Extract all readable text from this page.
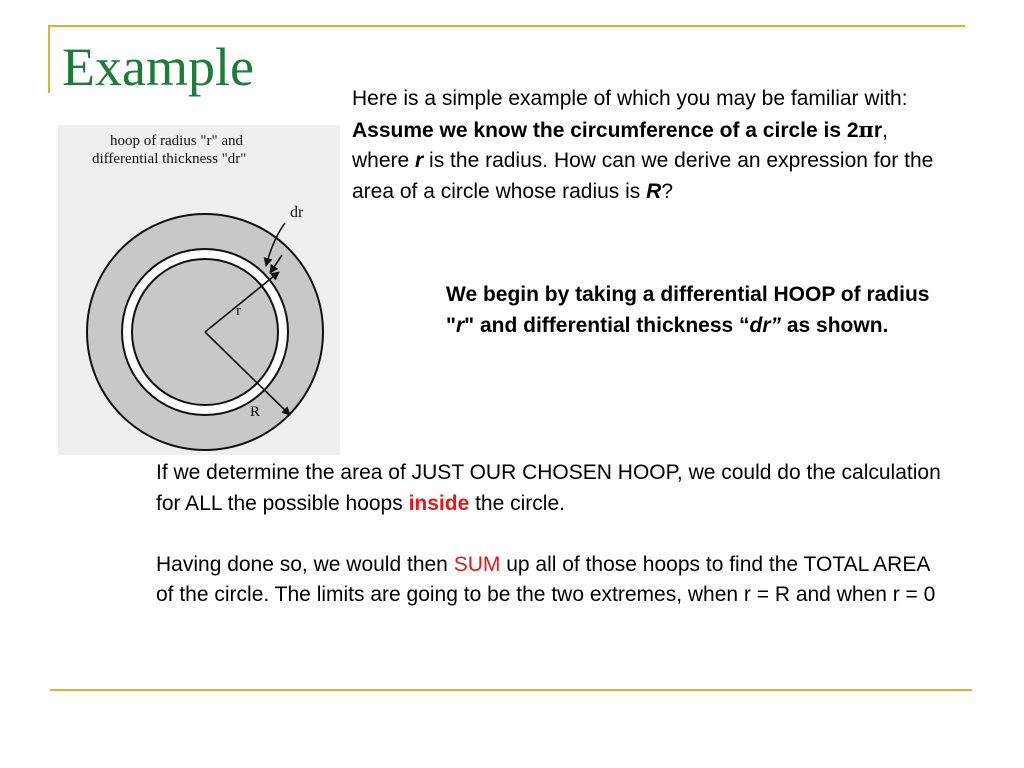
Example
hoop of radius "r" and
differential thickness "dr"
dr
r
R

Here is a simple example of which you may be familiar with:

Assume we know the circumference of a circle is 2πr, where r is the radius. How can we derive an expression for the area of a circle whose radius is R?

We begin by taking a differential HOOP of radius "r" and differential thickness “dr” as shown.

If we determine the area of JUST OUR CHOSEN HOOP, we could do the calculation for ALL the possible hoops inside the circle.

Having done so, we would then SUM up all of those hoops to find the TOTAL AREA of the circle. The limits are going to be the two extremes, when r = R and when r = 0
